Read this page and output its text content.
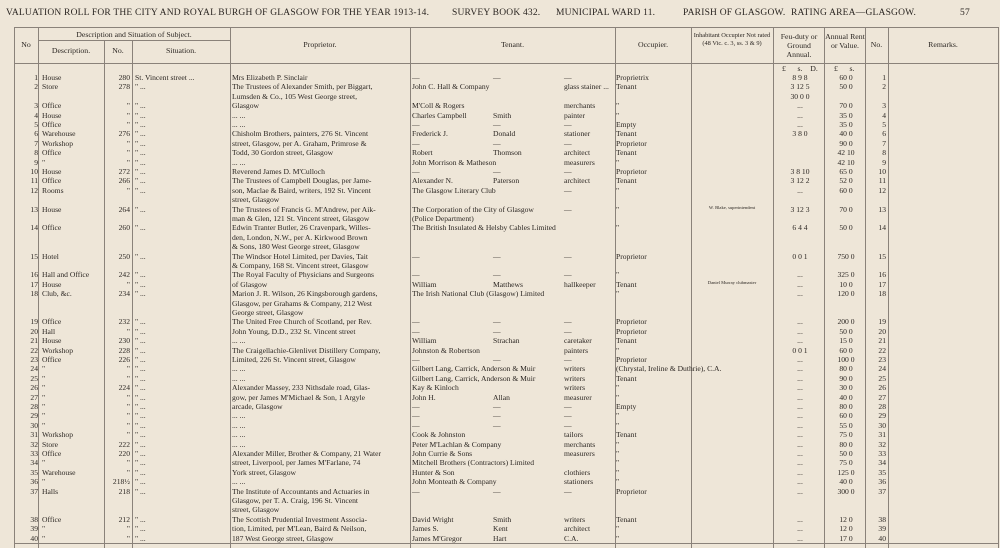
VALUATION ROLL FOR THE CITY AND ROYAL BURGH OF GLASGOW FOR THE YEAR 1913-14. SURVEY BOOK 432. MUNICIPAL WARD 11.	PARISH OF GLASGOW. RATING AREA—GLASGOW.	57
No
Description and Situation of Subject.
Description.	No.	Situation.
Proprietor.	Tenant.	Occupier.
Inhabitant Occupier Not rated (48 Vic. c. 3, ss. 3 & 9)
Feu-duty or Ground Annual.
Annual Rent or Value.	No.	Remarks.
£	s. D.	£	s.
1 House	280 St. Vincent street ...	Mrs Elizabeth P. Sinclair	—	—	—	Proprietrix	8 9 8	60 0	1
2 Store	278 " ...	The Trustees of Alexander Smith, per Biggart,	John C. Hall & Company	glass stainer ... Tenant	3 12 5	50 0	2
Lumsden & Co., 105 West George street,	30 0 0
3 Office	" " ...	Glasgow	M'Coll & Rogers	merchants	"	...	70 0	3
4 House	" " ...	... ...	Charles Campbell	Smith	painter	"	...	35 0	4
5 Office	" " ...	... ...	—	—	—	Empty	...	35 0	5
6 Warehouse	276 " ...	Chisholm Brothers, painters, 276 St. Vincent	Frederick J.	Donald	stationer	Tenant	3 8 0	40 0	6
7 Workshop	" " ...	street, Glasgow, per A. Graham, Primrose &	—	—	—	Proprietor	90 0	7
8 Office	" " ...	Todd, 30 Gordon street, Glasgow	Robert	Thomson	architect	Tenant	42 10	8
9 "	" " ...	... ...	John Morrison & Matheson	measurers	"	42 10	9
10 House	272 " ...	Reverend James D. M'Culloch	—	—	—	Proprietor	3 8 10	65 0	10
11 Office	266 " ...	The Trustees of Campbell Douglas, per Jame-	Alexander N.	Paterson	architect	Tenant	3 12 2	52 0	11
12 Rooms	" " ...	son, Maclae & Baird, writers, 192 St. Vincent	The Glasgow Literary Club	—	"	...	60 0	12
street, Glasgow
13 House	264 " ...	The Trustees of Francis G. M'Andrew, per Aik-	The Corporation of the City of Glasgow	—	"	W. Blake, superintendent	3 12 3	70 0	13
man & Glen, 121 St. Vincent street, Glasgow	(Police Department)
14 Office	260 " ...	Edwin Tranter Butler, 26 Cravenpark, Willes-	The British Insulated & Helsby Cables Limited	"	6 4 4	50 0	14
den, London, N.W., per A. Kirkwood Brown
& Sons, 180 West George street, Glasgow
15 Hotel	250 " ...	The Windsor Hotel Limited, per Davies, Tait	—	—	—	Proprietor	0 0 1	750 0	15
& Company, 168 St. Vincent street, Glasgow
16 Hall and Office	242 " ...	The Royal Faculty of Physicians and Surgeons	—	—	—	"	...	325 0	16
17 House	" " ...	of Glasgow	William	Matthews	hallkeeper	Tenant	Daniel Murray clubmaster	...	10 0	17
18 Club, &c.	234 " ...	Marion J. R. Wilson, 26 Kingsborough gardens,	The Irish National Club (Glasgow) Limited	"	...	120 0	18
Glasgow, per Grahams & Company, 212 West
George street, Glasgow
19 Office	232 " ...	The United Free Church of Scotland, per Rev.	—	—	—	Proprietor	...	200 0	19
20 Hall	" " ...	John Young, D.D., 232 St. Vincent street	—	—	—	Proprietor	...	50 0	20
21 House	230 " ...	... ...	William	Strachan	caretaker	Tenant	...	15 0	21
22 Workshop	228 " ...	The Craigellachie-Glenlivet Distillery Company,	Johnston & Robertson	painters	"	0 0 1	60 0	22
23 Office	226 " ...	Limited, 226 St. Vincent street, Glasgow	—	—	—	Proprietor	...	100 0	23
24 "	" " ...	... ...	Gilbert Lang, Carrick, Anderson & Muir	writers	(Chrystal, Ireline & Duthrie), C.A.	...	80 0	24
25 "	" " ...	... ...	Gilbert Lang, Carrick, Anderson & Muir	writers	Tenant	...	90 0	25
26 "	224 " ...	Alexander Massey, 233 Nithsdale road, Glas-	Kay & Kinloch	writers	"	...	30 0	26
27 "	" " ...	gow, per James M'Michael & Son, 1 Argyle	John H.	Allan	measurer	"	...	40 0	27
28 "	" " ...	arcade, Glasgow	—	—	—	Empty	...	80 0	28
29 "	" " ...	... ...	—	—	—	"	...	60 0	29
30 "	" " ...	... ...	—	—	—	"	...	55 0	30
31 Workshop	" " ...	... ...	Cook & Johnston	tailors	Tenant	...	75 0	31
32 Store	222 " ...	... ...	Peter M'Lachlan & Company	merchants	"	...	80 0	32
33 Office	220 " ...	Alexander Miller, Brother & Company, 21 Water	John Currie & Sons	measurers	"	...	50 0	33
34 "	" " ...	street, Liverpool, per James M'Farlane, 74	Mitchell Brothers (Contractors) Limited	"	...	75 0	34
35 Warehouse	" " ...	York street, Glasgow	Hunter & Son	clothiers	"	...	125 0	35
36 "	218½ " ...	... ...	John Monteath & Company	stationers	"	...	40 0	36
37 Halls	218 " ...	The Institute of Accountants and Actuaries in	—	—	—	Proprietor	...	300 0	37
Glasgow, per T. A. Craig, 196 St. Vincent
street, Glasgow
38 Office	212 " ...	The Scottish Prudential Investment Associa-	David Wright	Smith	writers	Tenant	...	12 0	38
39 "	" " ...	tion, Limited, per M'Lean, Baird & Neilson,	James S.	Kent	architect	"	...	12 0	39
40 "	" " ...	187 West George street, Glasgow	James M'Gregor	Hart	C.A.	"	...	17 0	40
